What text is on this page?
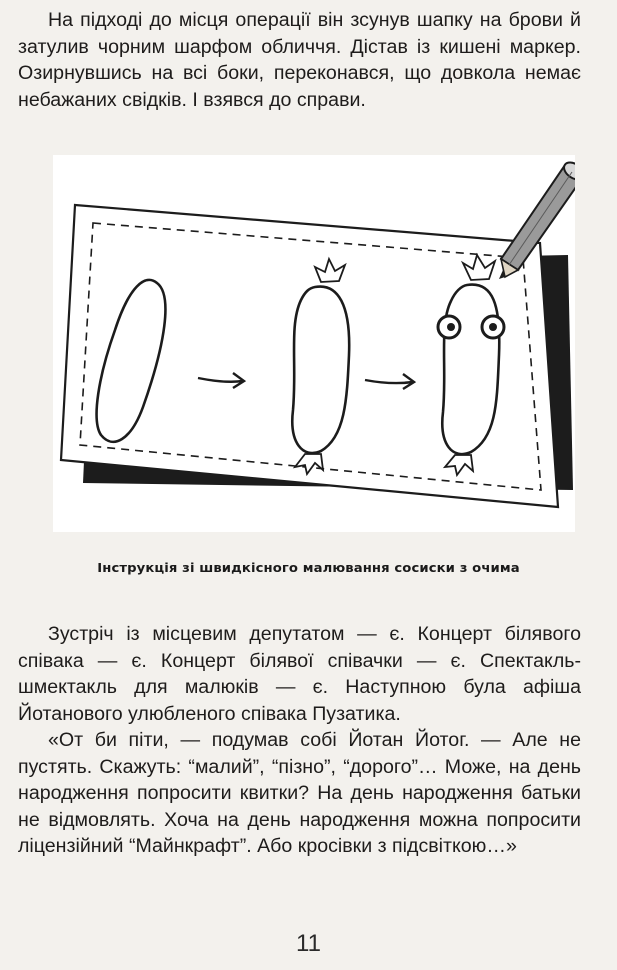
На підході до місця операції він зсунув шапку на брови й затулив чорним шарфом обличчя. Дістав із кишені маркер. Озирнувшись на всі боки, переконався, що довкола немає небажаних свідків. І взявся до справи.

Інструкція зі швидкісного малювання сосиски з очима

Зустріч із місцевим депутатом — є. Концерт білявого співака — є. Концерт білявої співачки — є. Спектакль-шмектакль для малюків — є. Наступною була афіша Йотанового улюбленого співака Пузатика.

«От би піти, — подумав собі Йотан Йотог. — Але не пустять. Скажуть: “малий”, “пізно”, “дорого”… Може, на день народження попросити квитки? На день народження батьки не відмовлять. Хоча на день народження можна попросити ліцензійний “Майнкрафт”. Або кросівки з підсвіткою…»

11
